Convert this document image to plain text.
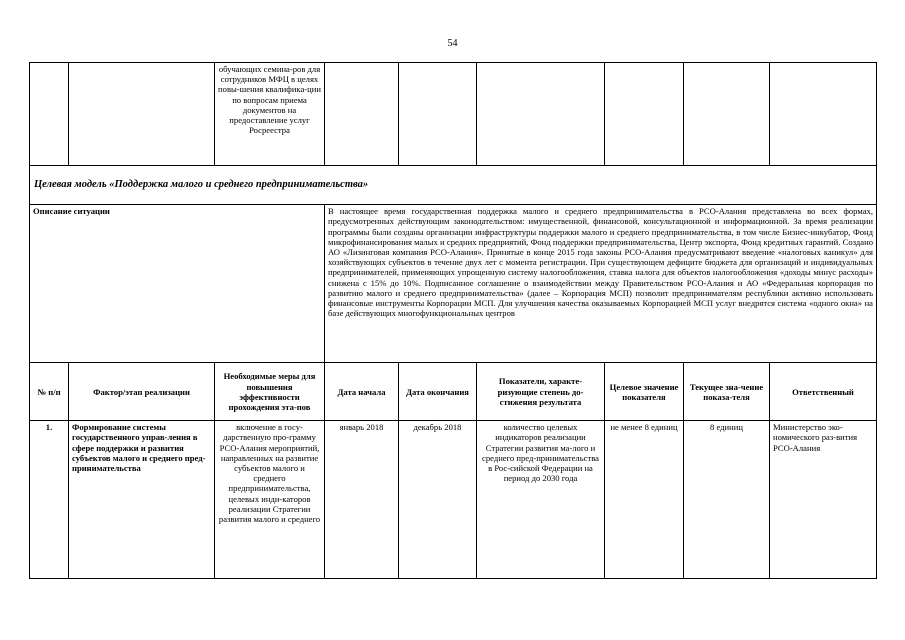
54
		обучающих семина-ров для сотрудников МФЦ в целях повы-шения квалифика-ции по вопросам приема документов на предоставление услуг Росреестра						
Целевая модель «Поддержка малого и среднего предпринимательства»								
Описание ситуации			В настоящее время государственная поддержка малого и среднего предпринимательства в РСО-Алания представлена во всех формах, предусмотренных действующим законодательством: имущественной, финансовой, консультационной и информационной. За время реализации программы были созданы организации инфраструктуры поддержки малого и среднего предпринимательства, в том числе Бизнес-инкубатор, Фонд микрофинансирования малых и средних предприятий, Фонд поддержки предпринимательства, Центр экспорта, Фонд кредитных гарантий. Создано АО «Лизинговая компания РСО-Алания». Принятые в конце 2015 года законы РСО-Алания предусматривают введение «налоговых каникул» для хозяйствующих субъектов в течение двух лет с момента регистрации. При существующем дефиците бюджета для организаций и индивидуальных предпринимателей, применяющих упрощенную систему налогообложения, ставка налога для объектов налогообложения «доходы минус расходы» снижена с 15% до 10%. Подписанное соглашение о взаимодействии между Правительством РСО-Алания и АО «Федеральная корпорация по развитию малого и среднего предпринимательства» (далее – Корпорация МСП) позволит предпринимателям республики активно использовать финансовые инструменты Корпорации МСП. Для улучшения качества оказываемых Корпорацией МСП услуг внедрятся система «одного окна» на базе действующих многофункциональных центров					
№ п/п	Фактор/этап реализации	Необходимые меры для повышения эффективности прохождения эта-пов	Дата начала	Дата окончания	Показатели, характе-ризующие степень до-стижения результата	Целевое значение показателя	Текущее зна-чение показа-теля	Ответственный
1.	Формирование системы государственного управ-ления в сфере поддержки и развития субъектов малого и среднего пред-принимательства	включение в госу-дарственную про-грамму РСО-Алания мероприятий, направленных на развитие субъектов малого и среднего предпринимательства, целевых инди-каторов реализации Стратегии развития малого и среднего	январь 2018	декабрь 2018	количество целевых индикаторов реализации Стратегии развития ма-лого и среднего пред-принимательства в Рос-сийской Федерации на период до 2030 года	не менее 8 единиц	8 единиц	Министерство эко-номического раз-вития РСО-Алания
